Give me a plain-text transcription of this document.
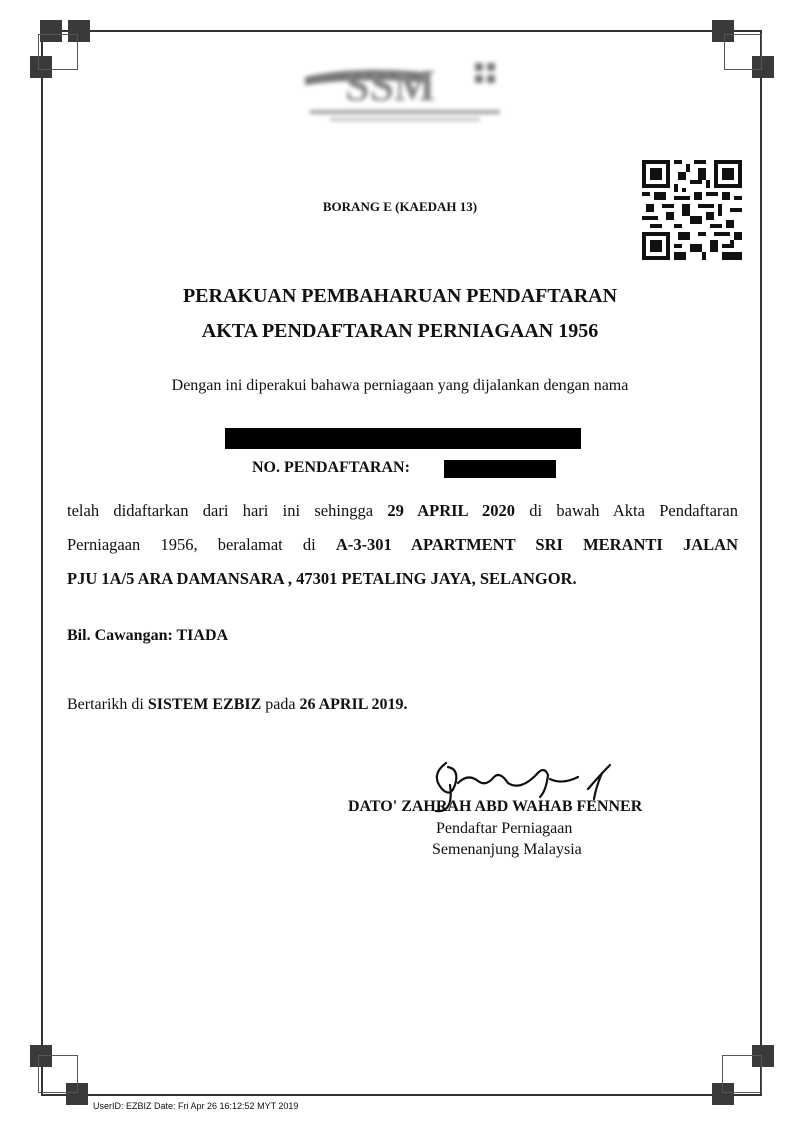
SSM
BORANG E (KAEDAH 13)
PERAKUAN PEMBAHARUAN PENDAFTARAN
AKTA PENDAFTARAN PERNIAGAAN 1956
Dengan ini diperakui bahawa perniagaan yang dijalankan dengan nama
NO. PENDAFTARAN:
telah didaftarkan dari hari ini sehingga 29 APRIL 2020 di bawah Akta Pendaftaran
Perniagaan 1956, beralamat di A-3-301 APARTMENT SRI MERANTI JALAN
PJU 1A/5 ARA DAMANSARA , 47301 PETALING JAYA, SELANGOR.
Bil. Cawangan: TIADA
Bertarikh di SISTEM EZBIZ pada 26 APRIL 2019.
DATO' ZAHRAH ABD WAHAB FENNER
Pendaftar Perniagaan
Semenanjung Malaysia
UserID: EZBIZ Date: Fri Apr 26 16:12:52 MYT 2019
